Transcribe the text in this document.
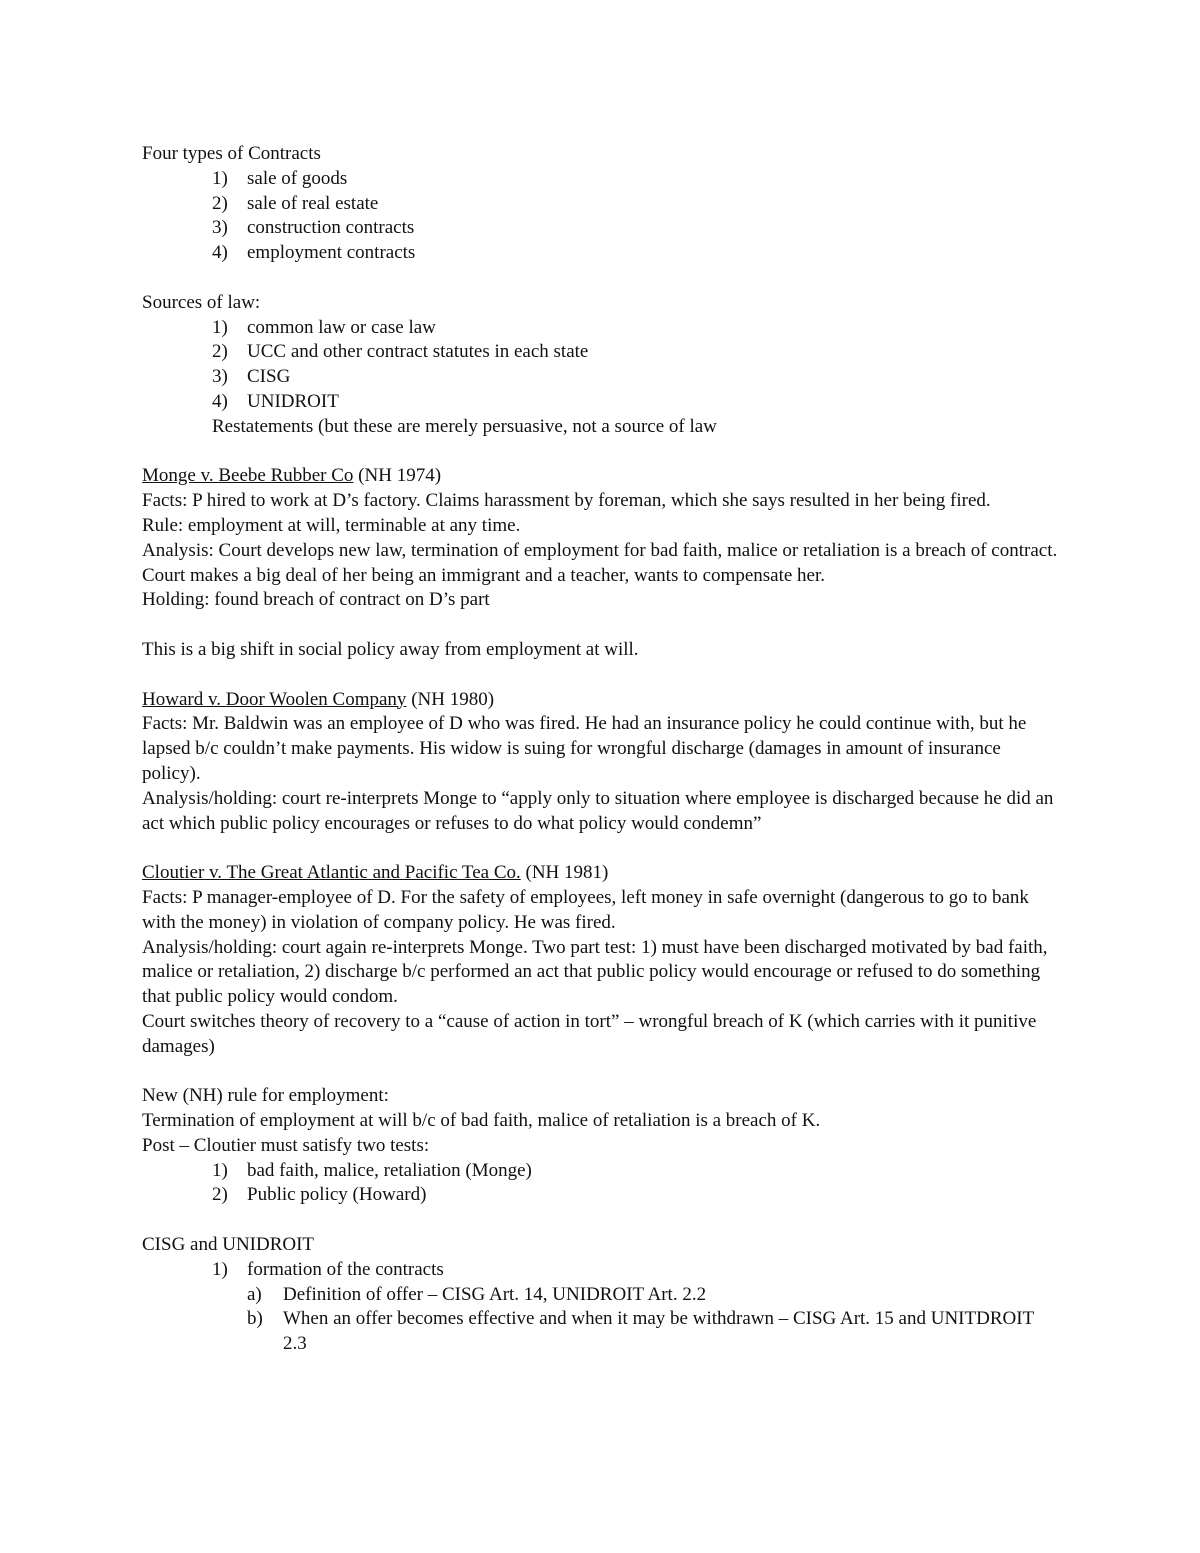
Four types of Contracts
1) sale of goods
2) sale of real estate
3) construction contracts
4) employment contracts
Sources of law:
1) common law or case law
2) UCC and other contract statutes in each state
3) CISG
4) UNIDROIT
Restatements (but these are merely persuasive, not a source of law
Monge v. Beebe Rubber Co (NH 1974)
Facts: P hired to work at D’s factory. Claims harassment by foreman, which she says resulted in her being fired.
Rule: employment at will, terminable at any time.
Analysis: Court develops new law, termination of employment for bad faith, malice or retaliation is a breach of contract. Court makes a big deal of her being an immigrant and a teacher, wants to compensate her.
Holding: found breach of contract on D’s part
This is a big shift in social policy away from employment at will.
Howard v. Door Woolen Company (NH 1980)
Facts: Mr. Baldwin was an employee of D who was fired. He had an insurance policy he could continue with, but he lapsed b/c couldn’t make payments. His widow is suing for wrongful discharge (damages in amount of insurance policy).
Analysis/holding: court re-interprets Monge to “apply only to situation where employee is discharged because he did an act which public policy encourages or refuses to do what policy would condemn”
Cloutier v. The Great Atlantic and Pacific Tea Co. (NH 1981)
Facts: P manager-employee of D. For the safety of employees, left money in safe overnight (dangerous to go to bank with the money) in violation of company policy. He was fired.
Analysis/holding: court again re-interprets Monge. Two part test: 1) must have been discharged motivated by bad faith, malice or retaliation, 2) discharge b/c performed an act that public policy would encourage or refused to do something that public policy would condom.
Court switches theory of recovery to a “cause of action in tort” – wrongful breach of K (which carries with it punitive damages)
New (NH) rule for employment:
Termination of employment at will b/c of bad faith, malice of retaliation is a breach of K.
Post – Cloutier must satisfy two tests:
1) bad faith, malice, retaliation (Monge)
2) Public policy (Howard)
CISG and UNIDROIT
1) formation of the contracts
a)	Definition of offer – CISG Art. 14, UNIDROIT Art. 2.2
b)	When an offer becomes effective and when it may be withdrawn – CISG Art. 15 and UNITDROIT 2.3
